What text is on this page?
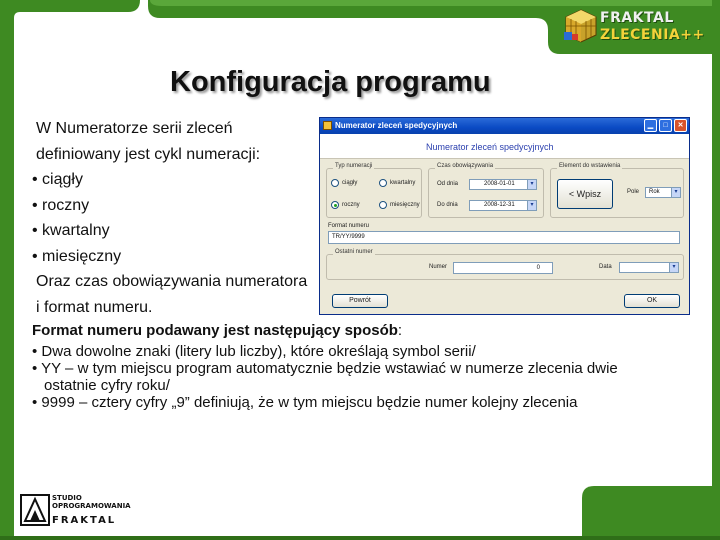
FRAKTAL
ZLECENIA++
Konfiguracja programu
W Numeratorze serii zleceń definiowany jest cykl numeracji:
• ciągły
• roczny
• kwartalny
• miesięczny
Oraz czas obowiązywania numeratora i format numeru.
Numerator zleceń spedycyjnych	▁	□	✕
Numerator zleceń spedycyjnych
Typ numeracji
ciągły	kwartalny
roczny	miesięczny
Czas obowiązywania
Od dnia	2008-01-01	▾
Do dnia	2008-12-31	▾
Element do wstawienia
< Wpisz	Pole	Rok	▾
Format numeru
TR/YY/9999
Ostatni numer
Numer	0	Data	▾
Powrót	OK
Format numeru podawany jest następujący sposób:
• Dwa dowolne znaki (litery lub liczby), które określają symbol serii/
• YY – w tym miejscu program automatycznie będzie wstawiać w numerze zlecenia dwie ostatnie cyfry roku/
• 9999 – cztery cyfry „9” definiują, że w tym miejscu będzie numer kolejny zlecenia
STUDIO
OPROGRAMOWANIA
FRAKTAL
